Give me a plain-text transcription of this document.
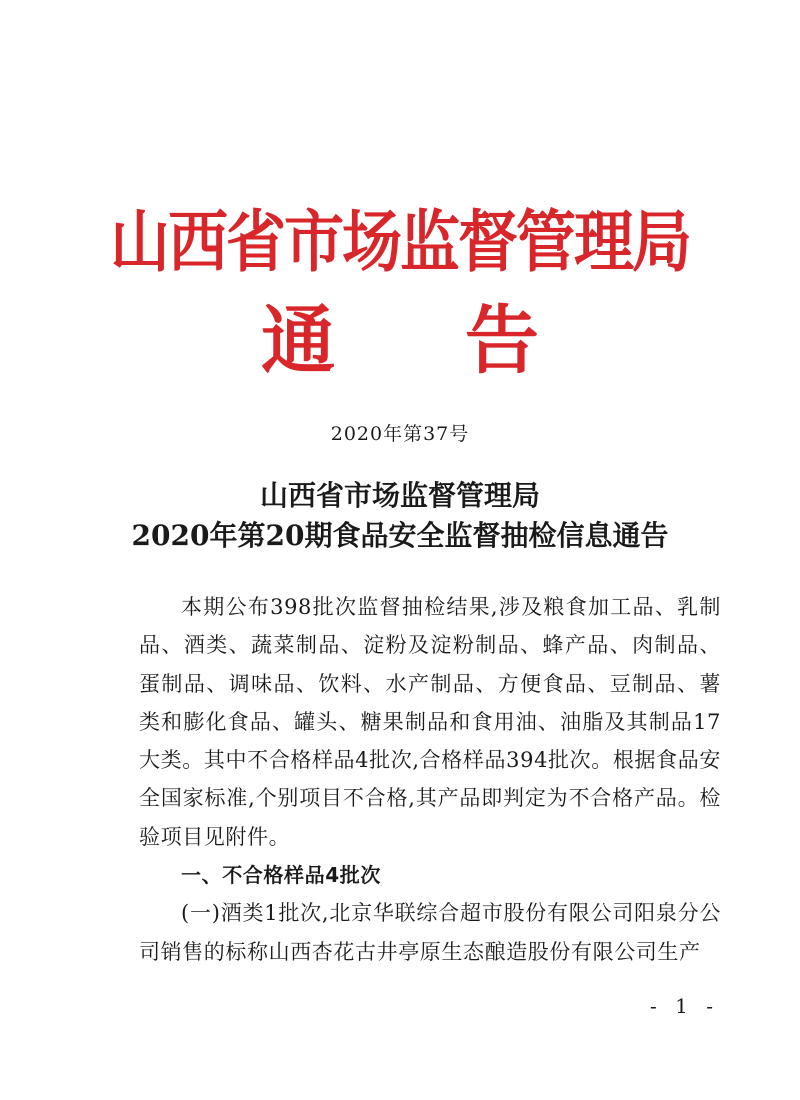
山西省市场监督管理局
通 告
2020年第37号
山西省市场监督管理局
2020年第20期食品安全监督抽检信息通告

本期公布398批次监督抽检结果,涉及粮食加工品、乳制品、酒类、蔬菜制品、淀粉及淀粉制品、蜂产品、肉制品、蛋制品、调味品、饮料、水产制品、方便食品、豆制品、薯类和膨化食品、罐头、糖果制品和食用油、油脂及其制品17大类。其中不合格样品4批次,合格样品394批次。根据食品安全国家标准,个别项目不合格,其产品即判定为不合格产品。检验项目见附件。

一、不合格样品4批次

(一)酒类1批次,北京华联综合超市股份有限公司阳泉分公司销售的标称山西杏花古井亭原生态酿造股份有限公司生产

- 1 -
